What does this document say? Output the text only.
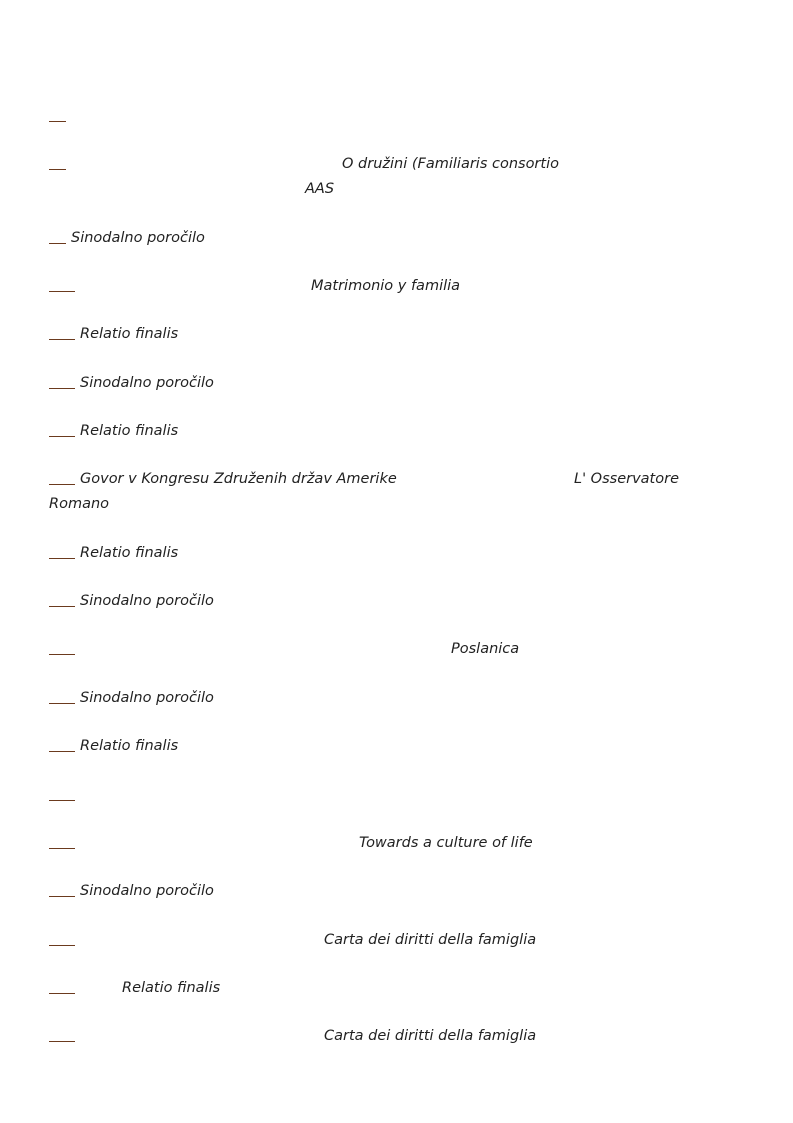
O družini (Familiaris consortio
AAS
Sinodalno poročilo
Matrimonio y familia
Relatio finalis
Sinodalno poročilo
Relatio finalis
Govor v Kongresu Združenih držav Amerike	L' Osservatore
Romano
Relatio finalis
Sinodalno poročilo
Poslanica
Sinodalno poročilo
Relatio finalis
Towards a culture of life
Sinodalno poročilo
Carta dei diritti della famiglia
Relatio finalis
Carta dei diritti della famiglia
